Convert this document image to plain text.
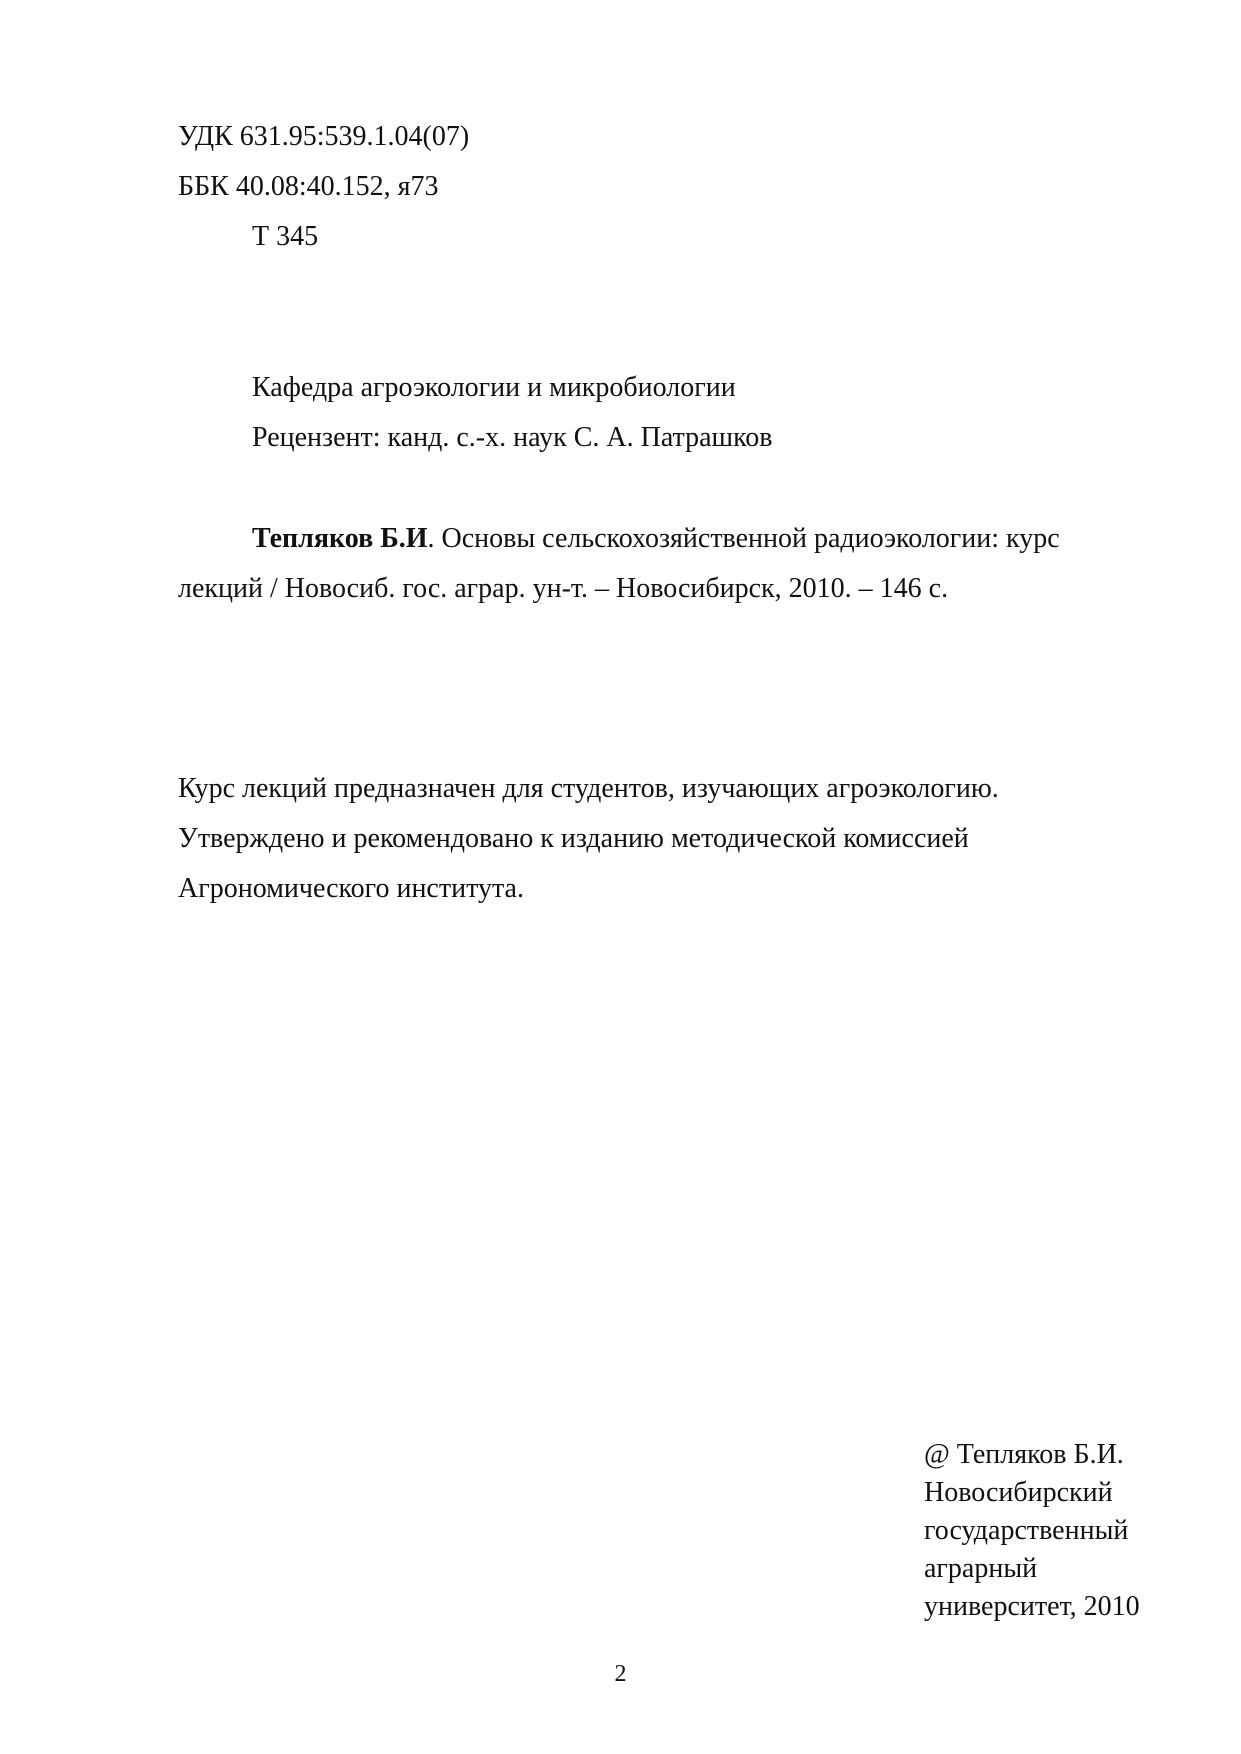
УДК 631.95:539.1.04(07)
ББК 40.08:40.152, я73
Т 345
Кафедра агроэкологии и микробиологии
Рецензент: канд. с.-х. наук С. А. Патрашков
Тепляков Б.И. Основы сельскохозяйственной радиоэкологии: курс
лекций / Новосиб. гос. аграр. ун-т. – Новосибирск, 2010. – 146 с.
Курс лекций предназначен для студентов, изучающих агроэкологию.
Утверждено и рекомендовано к изданию методической комиссией
Агрономического института.
@ Тепляков Б.И.
Новосибирский
государственный
аграрный
университет, 2010
2
